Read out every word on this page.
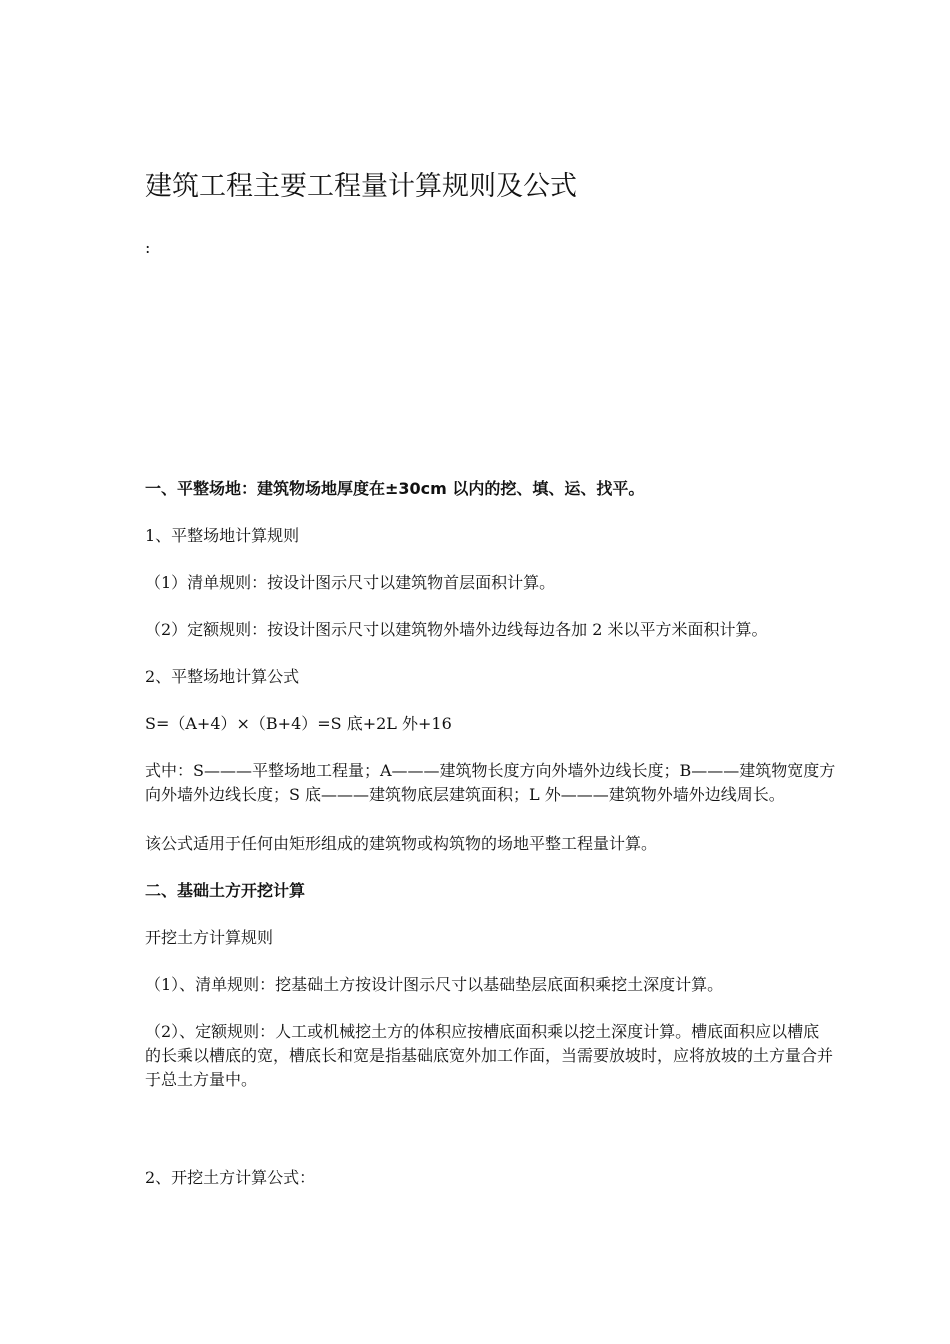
建筑工程主要工程量计算规则及公式
:

一、平整场地：建筑物场地厚度在±30cm 以内的挖、填、运、找平。

1、平整场地计算规则

（1）清单规则：按设计图示尺寸以建筑物首层面积计算。

（2）定额规则：按设计图示尺寸以建筑物外墙外边线每边各加 2 米以平方米面积计算。

2、平整场地计算公式

S=（A+4）×（B+4）=S 底+2L 外+16

式中：S———平整场地工程量；A———建筑物长度方向外墙外边线长度；B———建筑物宽度方
向外墙外边线长度；S 底———建筑物底层建筑面积；L 外———建筑物外墙外边线周长。

该公式适用于任何由矩形组成的建筑物或构筑物的场地平整工程量计算。

二、基础土方开挖计算

开挖土方计算规则

（1）、清单规则：挖基础土方按设计图示尺寸以基础垫层底面积乘挖土深度计算。

（2）、定额规则：人工或机械挖土方的体积应按槽底面积乘以挖土深度计算。槽底面积应以槽底
的长乘以槽底的宽，槽底长和宽是指基础底宽外加工作面，当需要放坡时，应将放坡的土方量合并
于总土方量中。

2、开挖土方计算公式：
